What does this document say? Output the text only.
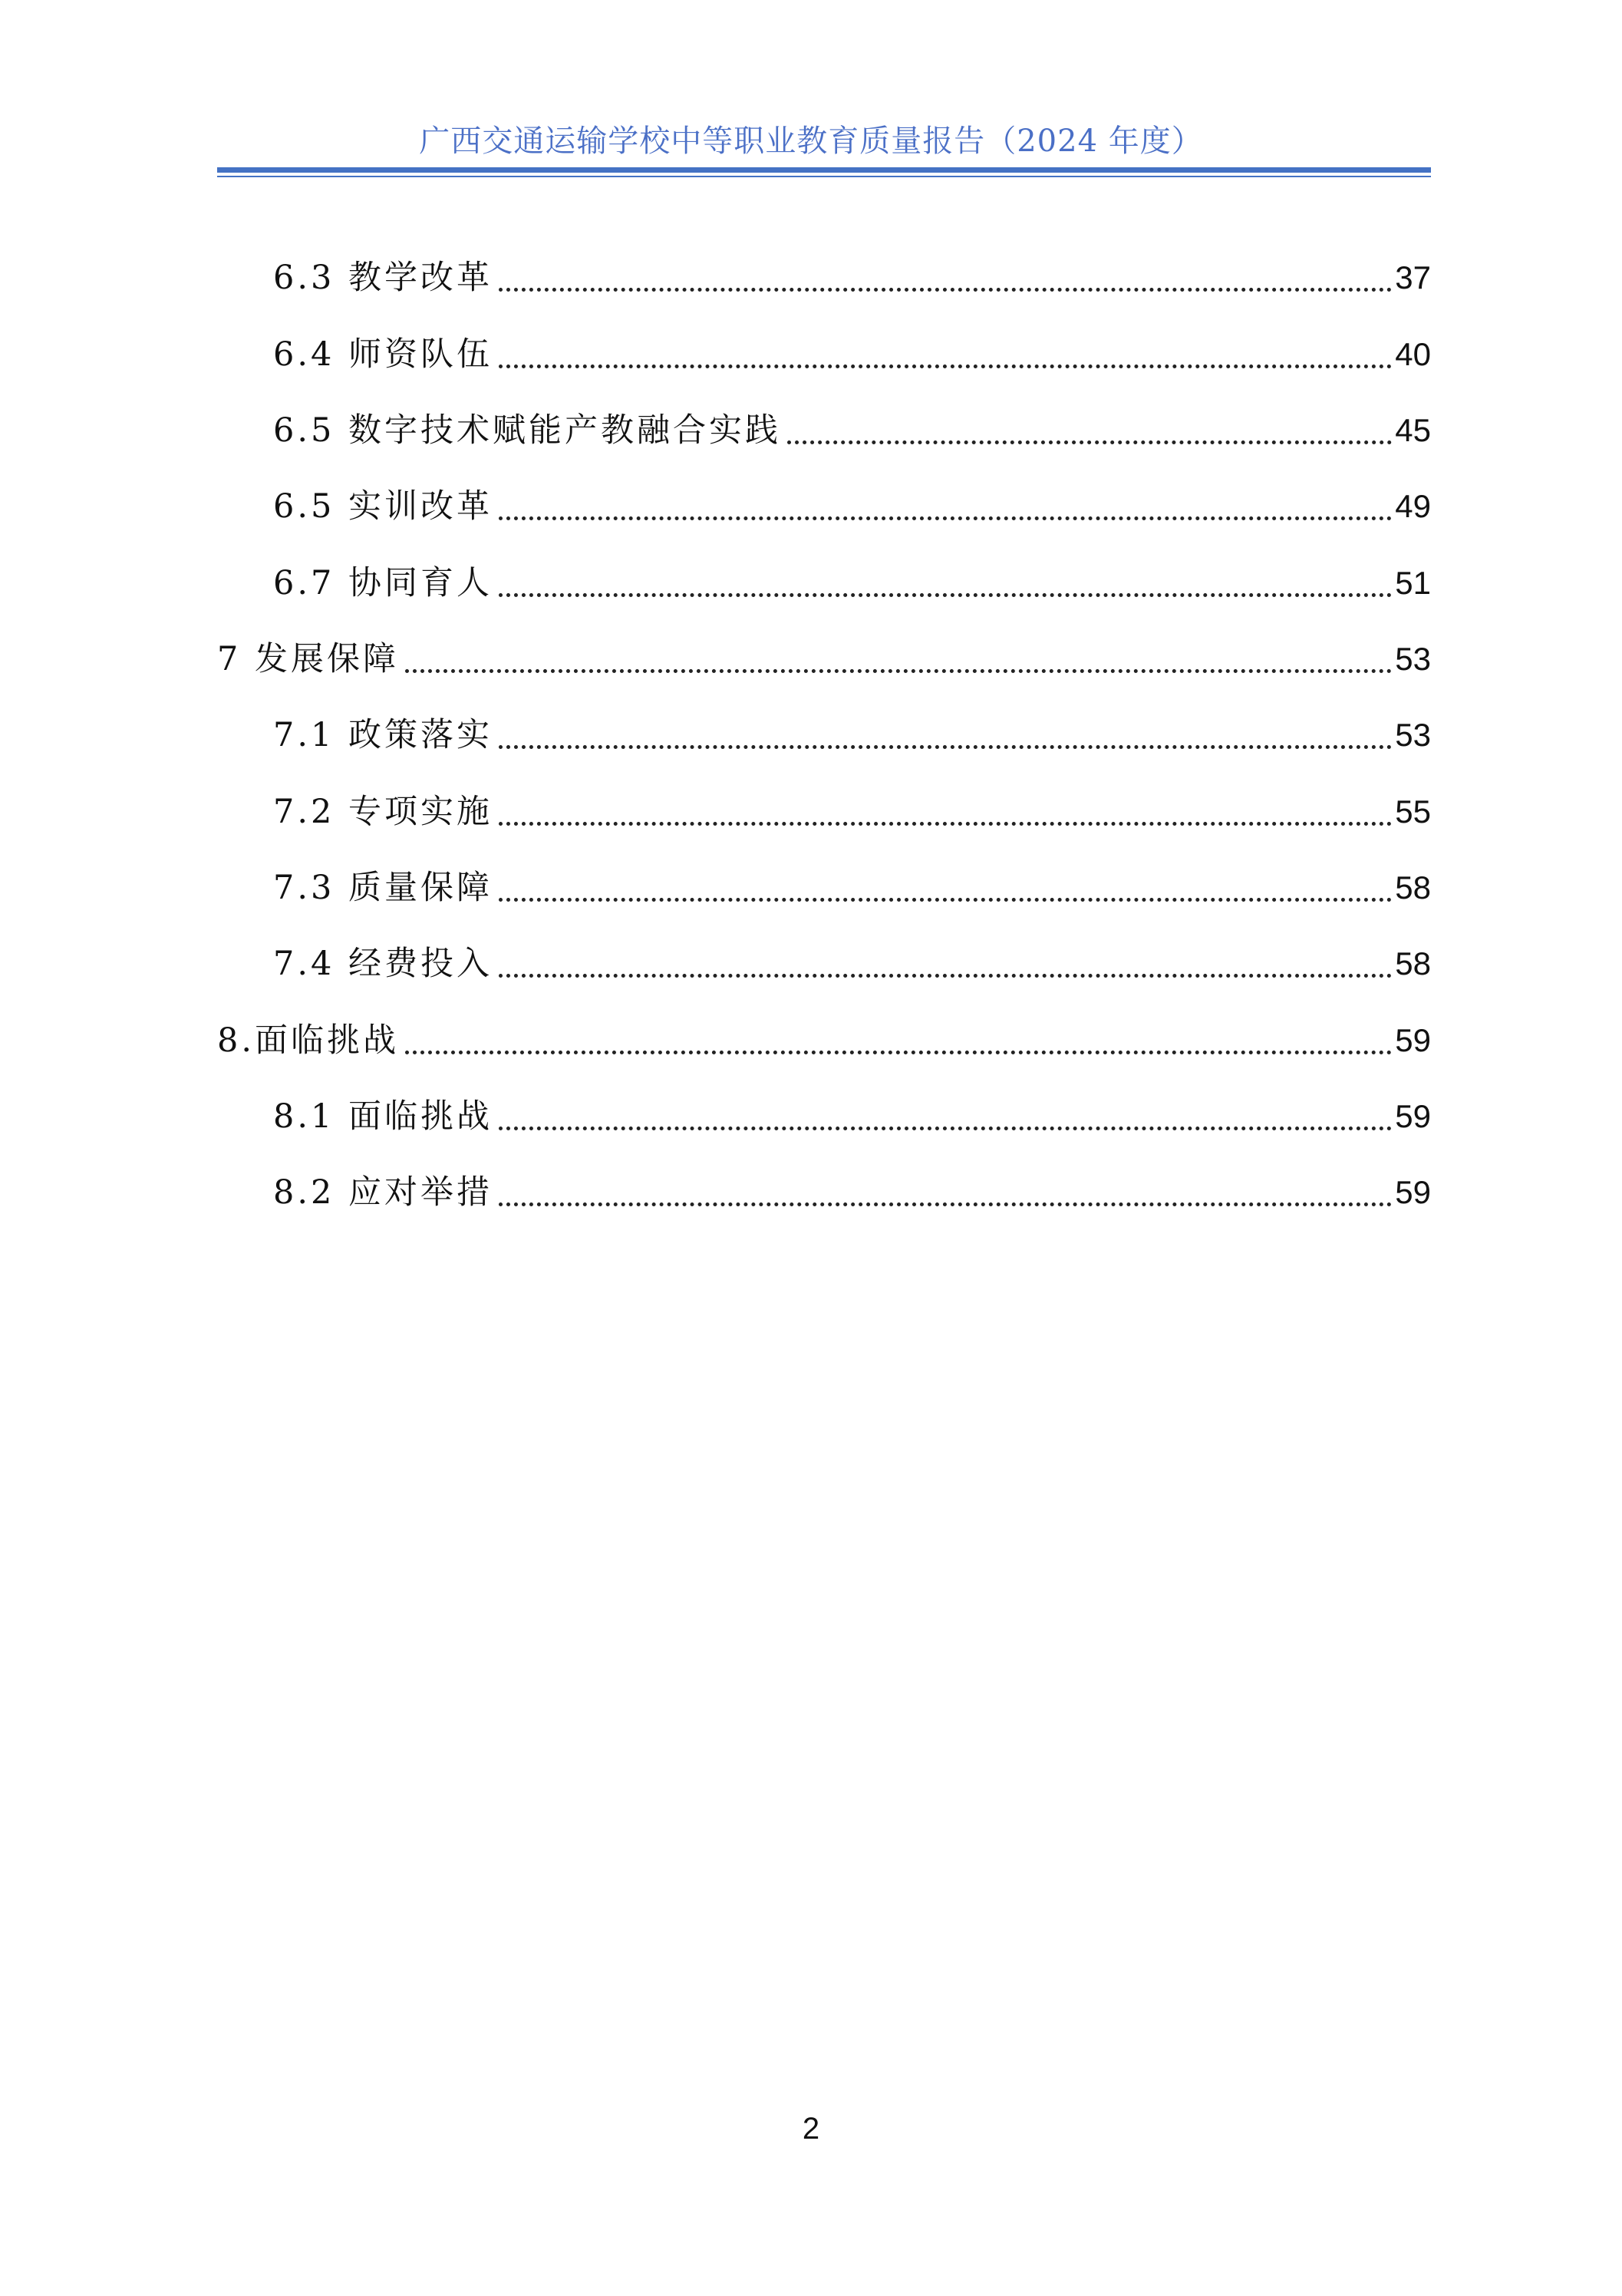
广西交通运输学校中等职业教育质量报告（2024 年度）
6.3 教学改革	37
6.4 师资队伍	40
6.5 数字技术赋能产教融合实践	45
6.5 实训改革	49
6.7 协同育人	51
7 发展保障	53
7.1 政策落实	53
7.2 专项实施	55
7.3 质量保障	58
7.4 经费投入	58
8.面临挑战	59
8.1 面临挑战	59
8.2 应对举措	59
2
